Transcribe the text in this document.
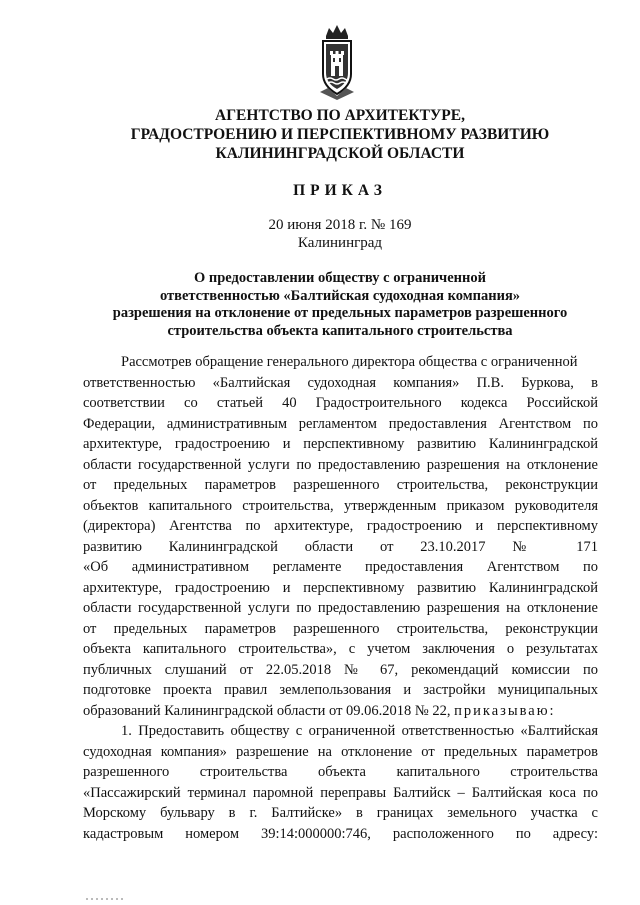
АГЕНТСТВО ПО АРХИТЕКТУРЕ,
ГРАДОСТРОЕНИЮ И ПЕРСПЕКТИВНОМУ РАЗВИТИЮ
КАЛИНИНГРАДСКОЙ ОБЛАСТИ
ПРИКАЗ
20 июня 2018 г. № 169
Калининград
О предоставлении обществу с ограниченной
ответственностью «Балтийская судоходная компания»
разрешения на отклонение от предельных параметров разрешенного
строительства объекта капитального строительства
Рассмотрев обращение генерального директора общества с ограниченной
ответственностью «Балтийская судоходная компания» П.В. Буркова, в
соответствии со статьей 40 Градостроительного кодекса Российской
Федерации, административным регламентом предоставления Агентством по
архитектуре, градостроению и перспективному развитию Калининградской
области государственной услуги по предоставлению разрешения на отклонение
от предельных параметров разрешенного строительства, реконструкции
объектов капитального строительства, утвержденным приказом руководителя
(директора) Агентства по архитектуре, градостроению и перспективному
развитию Калининградской области от 23.10.2017 № 171
«Об административном регламенте предоставления Агентством по
архитектуре, градостроению и перспективному развитию Калининградской
области государственной услуги по предоставлению разрешения на отклонение
от предельных параметров разрешенного строительства, реконструкции
объекта капитального строительства», с учетом заключения о результатах
публичных слушаний от 22.05.2018 № 67, рекомендаций комиссии по
подготовке проекта правил землепользования и застройки муниципальных
образований Калининградской области от 09.06.2018 № 22, приказываю:
1. Предоставить обществу с ограниченной ответственностью «Балтийская
судоходная компания» разрешение на отклонение от предельных параметров
разрешенного строительства объекта капитального строительства
«Пассажирский терминал паромной переправы Балтийск – Балтийская коса по
Морскому бульвару в г. Балтийске» в границах земельного участка с
кадастровым номером 39:14:000000:746, расположенного по адресу:
